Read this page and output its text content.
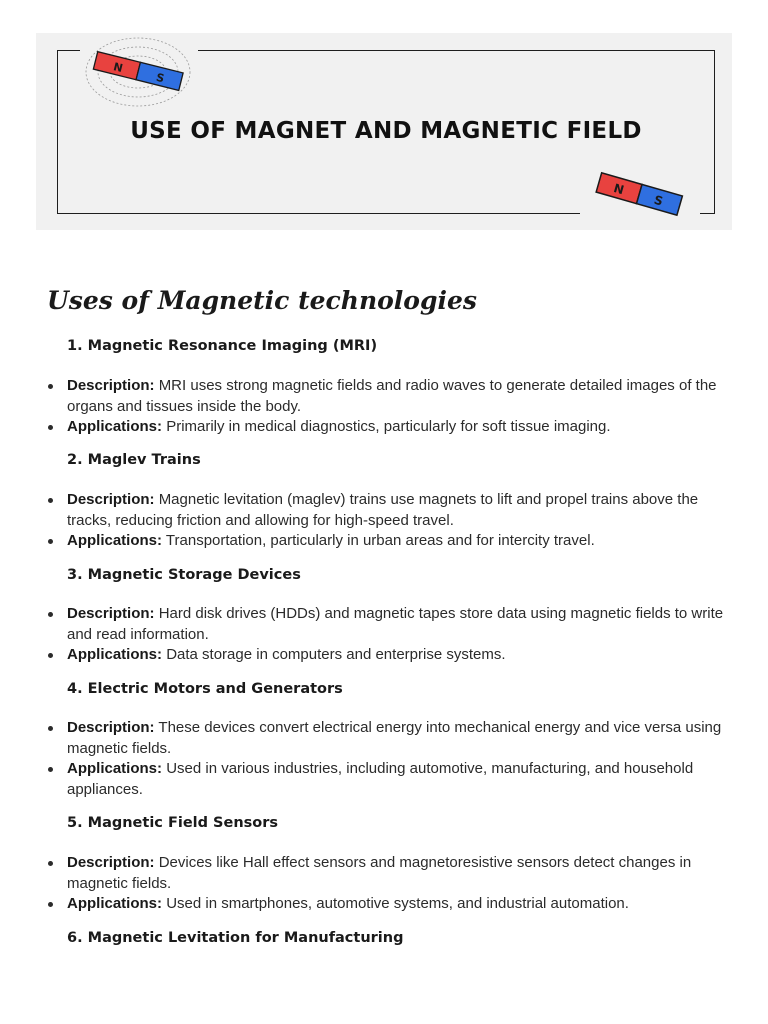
N
S
N
S
USE OF MAGNET AND MAGNETIC FIELD
Uses of Magnetic technologies
1. Magnetic Resonance Imaging (MRI)
Description: MRI uses strong magnetic fields and radio waves to generate detailed images of the organs and tissues inside the body.
Applications: Primarily in medical diagnostics, particularly for soft tissue imaging.
2. Maglev Trains
Description: Magnetic levitation (maglev) trains use magnets to lift and propel trains above the tracks, reducing friction and allowing for high-speed travel.
Applications: Transportation, particularly in urban areas and for intercity travel.
3. Magnetic Storage Devices
Description: Hard disk drives (HDDs) and magnetic tapes store data using magnetic fields to write and read information.
Applications: Data storage in computers and enterprise systems.
4. Electric Motors and Generators
Description: These devices convert electrical energy into mechanical energy and vice versa using magnetic fields.
Applications: Used in various industries, including automotive, manufacturing, and household appliances.
5. Magnetic Field Sensors
Description: Devices like Hall effect sensors and magnetoresistive sensors detect changes in magnetic fields.
Applications: Used in smartphones, automotive systems, and industrial automation.
6. Magnetic Levitation for Manufacturing
